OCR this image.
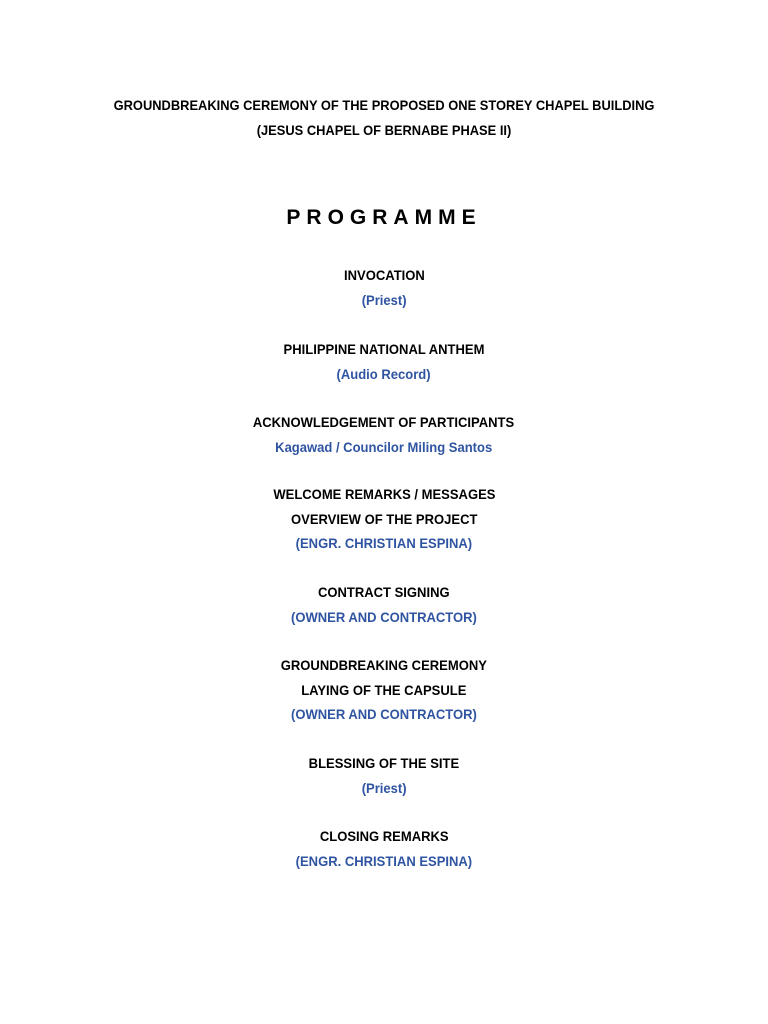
GROUNDBREAKING CEREMONY OF THE PROPOSED ONE STOREY CHAPEL BUILDING
(JESUS CHAPEL OF BERNABE PHASE II)
PROGRAMME
INVOCATION
(Priest)
PHILIPPINE NATIONAL ANTHEM
(Audio Record)
ACKNOWLEDGEMENT OF PARTICIPANTS
Kagawad / Councilor Miling Santos
WELCOME REMARKS / MESSAGES
OVERVIEW OF THE PROJECT
(ENGR. CHRISTIAN ESPINA)
CONTRACT SIGNING
(OWNER AND CONTRACTOR)
GROUNDBREAKING CEREMONY
LAYING OF THE CAPSULE
(OWNER AND CONTRACTOR)
BLESSING OF THE SITE
(Priest)
CLOSING REMARKS
(ENGR. CHRISTIAN ESPINA)
